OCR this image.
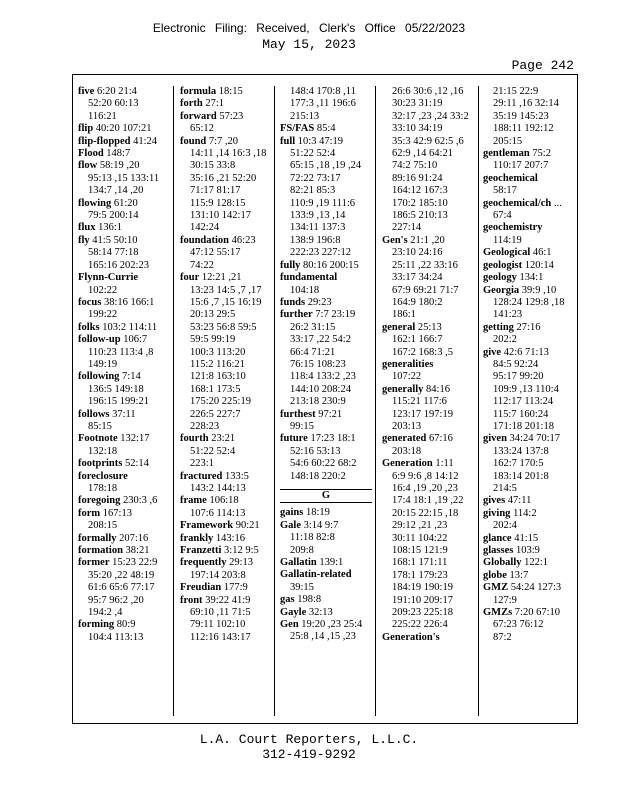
Electronic Filing: Received, Clerk's Office 05/22/2023
May 15, 2023
Page 242
five 6:20 21:4
52:20 60:13
116:21
flip 40:20 107:21
flip-flopped 41:24
Flood 148:7
flow 58:19 ,20
95:13 ,15 133:11
134:7 ,14 ,20
flowing 61:20
79:5 200:14
flux 136:1
fly 41:5 50:10
58:14 77:18
165:16 202:23
Flynn-Currie
102:22
focus 38:16 166:1
199:22
folks 103:2 114:11
follow-up 106:7
110:23 113:4 ,8
149:19
following 7:14
136:5 149:18
196:15 199:21
follows 37:11
85:15
Footnote 132:17
132:18
footprints 52:14
foreclosure
178:18
foregoing 230:3 ,6
form 167:13
208:15
formally 207:16
formation 38:21
former 15:23 22:9
35:20 ,22 48:19
61:6 65:6 77:17
95:7 96:2 ,20
194:2 ,4
forming 80:9
104:4 113:13
formula 18:15
forth 27:1
forward 57:23
65:12
found 7:7 ,20
14:11 ,14 16:3 ,18
30:15 33:8
35:16 ,21 52:20
71:17 81:17
115:9 128:15
131:10 142:17
142:24
foundation 46:23
47:12 55:17
74:22
four 12:21 ,21
13:23 14:5 ,7 ,17
15:6 ,7 ,15 16:19
20:13 29:5
53:23 56:8 59:5
59:5 99:19
100:3 113:20
115:2 116:21
121:8 163:10
168:1 173:5
175:20 225:19
226:5 227:7
228:23
fourth 23:21
51:22 52:4
223:1
fractured 133:5
143:2 144:13
frame 106:18
107:6 114:13
Framework 90:21
frankly 143:16
Franzetti 3:12 9:5
frequently 29:13
197:14 203:8
Freudian 177:9
front 39:22 41:9
69:10 ,11 71:5
79:11 102:10
112:16 143:17
148:4 170:8 ,11
177:3 ,11 196:6
215:13
FS/FAS 85:4
full 10:3 47:19
51:22 52:4
65:15 ,18 ,19 ,24
72:22 73:17
82:21 85:3
110:9 ,19 111:6
133:9 ,13 ,14
134:11 137:3
138:9 196:8
222:23 227:12
fully 80:16 200:15
fundamental
104:18
funds 29:23
further 7:7 23:19
26:2 31:15
33:17 ,22 54:2
66:4 71:21
76:15 108:23
118:4 133:2 ,23
144:10 208:24
213:18 230:9
furthest 97:21
99:15
future 17:23 18:1
52:16 53:13
54:6 60:22 68:2
148:18 220:2
G
gains 18:19
Gale 3:14 9:7
11:18 82:8
209:8
Gallatin 139:1
Gallatin-related
39:15
gas 198:8
Gayle 32:13
Gen 19:20 ,23 25:4
25:8 ,14 ,15 ,23
26:6 30:6 ,12 ,16
30:23 31:19
32:17 ,23 ,24 33:2
33:10 34:19
35:3 42:9 62:5 ,6
62:9 ,14 64:21
74:2 75:10
89:16 91:24
164:12 167:3
170:2 185:10
186:5 210:13
227:14
Gen's 21:1 ,20
23:10 24:16
25:11 ,22 33:16
33:17 34:24
67:9 69:21 71:7
164:9 180:2
186:1
general 25:13
162:1 166:7
167:2 168:3 ,5
generalities
107:22
generally 84:16
115:21 117:6
123:17 197:19
203:13
generated 67:16
203:18
Generation 1:11
6:9 9:6 ,8 14:12
16:4 ,19 ,20 ,23
17:4 18:1 ,19 ,22
20:15 22:15 ,18
29:12 ,21 ,23
30:11 104:22
108:15 121:9
168:1 171:11
178:1 179:23
184:19 190:19
191:10 209:17
209:23 225:18
225:22 226:4
Generation's
21:15 22:9
29:11 ,16 32:14
35:19 145:23
188:11 192:12
205:15
gentleman 75:2
110:17 207:7
geochemical
58:17
geochemical/ch ...
67:4
geochemistry
114:19
Geological 46:1
geologist 120:14
geology 134:1
Georgia 39:9 ,10
128:24 129:8 ,18
141:23
getting 27:16
202:2
give 42:6 71:13
84:5 92:24
95:17 99:20
109:9 ,13 110:4
112:17 113:24
115:7 160:24
171:18 201:18
given 34:24 70:17
133:24 137:8
162:7 170:5
183:14 201:8
214:5
gives 47:11
giving 114:2
202:4
glance 41:15
glasses 103:9
Globally 122:1
globe 13:7
GMZ 54:24 127:3
127:9
GMZs 7:20 67:10
67:23 76:12
87:2
L.A. Court Reporters, L.L.C.
312-419-9292
